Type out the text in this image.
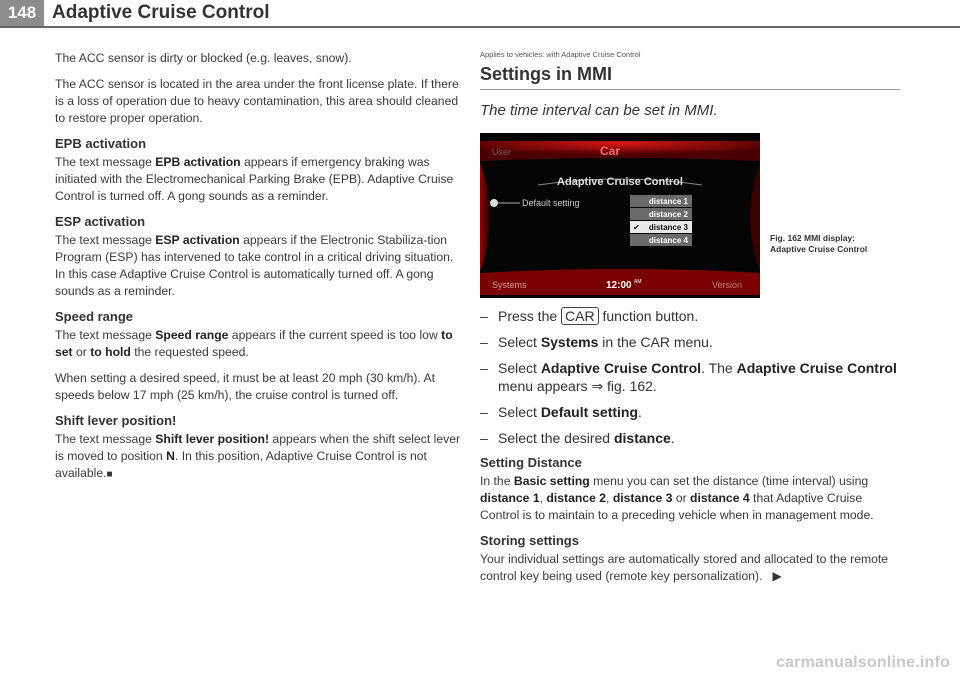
148 Adaptive Cruise Control

The ACC sensor is dirty or blocked (e.g. leaves, snow).

The ACC sensor is located in the area under the front license plate. If there is a loss of operation due to heavy contamination, this area should cleaned to restore proper operation.

EPB activation

The text message EPB activation appears if emergency braking was initiated with the Electromechanical Parking Brake (EPB). Adaptive Cruise Control is turned off. A gong sounds as a reminder.

ESP activation

The text message ESP activation appears if the Electronic Stabiliza-tion Program (ESP) has intervened to take control in a critical driving situation. In this case Adaptive Cruise Control is automatically turned off. A gong sounds as a reminder.

Speed range

The text message Speed range appears if the current speed is too low to set or to hold the requested speed.

When setting a desired speed, it must be at least 20 mph (30 km/h). At speeds below 17 mph (25 km/h), the cruise control is turned off.

Shift lever position!

The text message Shift lever position! appears when the shift select lever is moved to position N. In this position, Adaptive Cruise Control is not available.■

Applies to vehicles: with Adaptive Cruise Control
Settings in MMI
The time interval can be set in MMI.
User	Car
Adaptive Cruise Control
Default setting	distance 1
distance 2
distance 3
✔
distance 4
Systems	12:00 AM	Version
Fig. 162 MMI display: Adaptive Cruise Control
– Press the CAR function button.
– Select Systems in the CAR menu.
– Select Adaptive Cruise Control. The Adaptive Cruise Control menu appears ⇒ fig. 162.
– Select Default setting.
– Select the desired distance.
Setting Distance

In the Basic setting menu you can set the distance (time interval) using distance 1, distance 2, distance 3 or distance 4 that Adaptive Cruise Control is to maintain to a preceding vehicle when in management mode.

Storing settings

Your individual settings are automatically stored and allocated to the remote control key being used (remote key personalization). ▶

carmanualsonline.info
